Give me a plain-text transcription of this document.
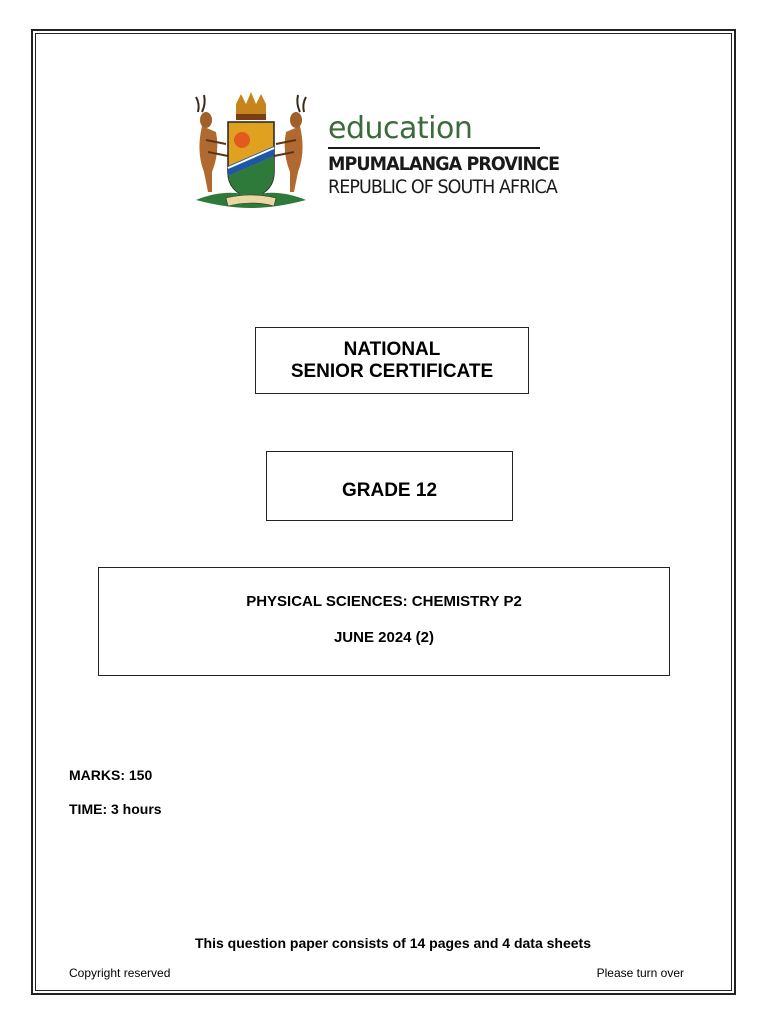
education
MPUMALANGA PROVINCE
REPUBLIC OF SOUTH AFRICA
NATIONAL
SENIOR CERTIFICATE
GRADE 12
PHYSICAL SCIENCES: CHEMISTRY P2
JUNE 2024 (2)
MARKS: 150
TIME: 3 hours
This question paper consists of 14 pages and 4 data sheets
Copyright reserved	Please turn over
